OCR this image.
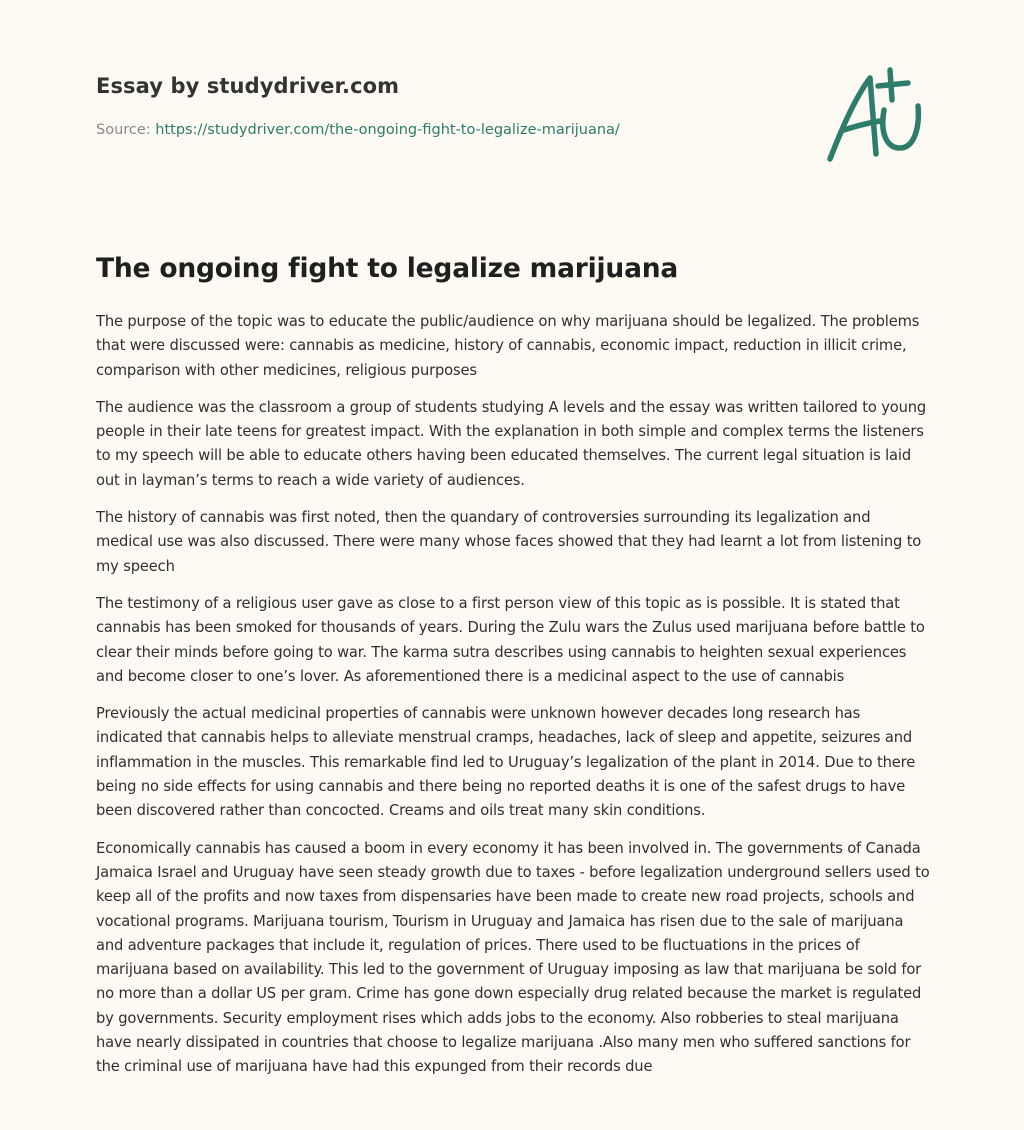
Essay by studydriver.com
Source: https://studydriver.com/the-ongoing-fight-to-legalize-marijuana/
The ongoing fight to legalize marijuana

The purpose of the topic was to educate the public/audience on why marijuana should be legalized. The problems that were discussed were: cannabis as medicine, history of cannabis, economic impact, reduction in illicit crime, comparison with other medicines, religious purposes

The audience was the classroom a group of students studying A levels and the essay was written tailored to young people in their late teens for greatest impact. With the explanation in both simple and complex terms the listeners to my speech will be able to educate others having been educated themselves. The current legal situation is laid out in layman’s terms to reach a wide variety of audiences.

The history of cannabis was first noted, then the quandary of controversies surrounding its legalization and medical use was also discussed. There were many whose faces showed that they had learnt a lot from listening to my speech

The testimony of a religious user gave as close to a first person view of this topic as is possible. It is stated that cannabis has been smoked for thousands of years. During the Zulu wars the Zulus used marijuana before battle to clear their minds before going to war. The karma sutra describes using cannabis to heighten sexual experiences and become closer to one’s lover. As aforementioned there is a medicinal aspect to the use of cannabis

Previously the actual medicinal properties of cannabis were unknown however decades long research has indicated that cannabis helps to alleviate menstrual cramps, headaches, lack of sleep and appetite, seizures and inflammation in the muscles. This remarkable find led to Uruguay’s legalization of the plant in 2014. Due to there being no side effects for using cannabis and there being no reported deaths it is one of the safest drugs to have been discovered rather than concocted. Creams and oils treat many skin conditions.

Economically cannabis has caused a boom in every economy it has been involved in. The governments of Canada Jamaica Israel and Uruguay have seen steady growth due to taxes - before legalization underground sellers used to keep all of the profits and now taxes from dispensaries have been made to create new road projects, schools and vocational programs. Marijuana tourism, Tourism in Uruguay and Jamaica has risen due to the sale of marijuana and adventure packages that include it, regulation of prices. There used to be fluctuations in the prices of marijuana based on availability. This led to the government of Uruguay imposing as law that marijuana be sold for no more than a dollar US per gram. Crime has gone down especially drug related because the market is regulated by governments. Security employment rises which adds jobs to the economy. Also robberies to steal marijuana have nearly dissipated in countries that choose to legalize marijuana .Also many men who suffered sanctions for the criminal use of marijuana have had this expunged from their records due
